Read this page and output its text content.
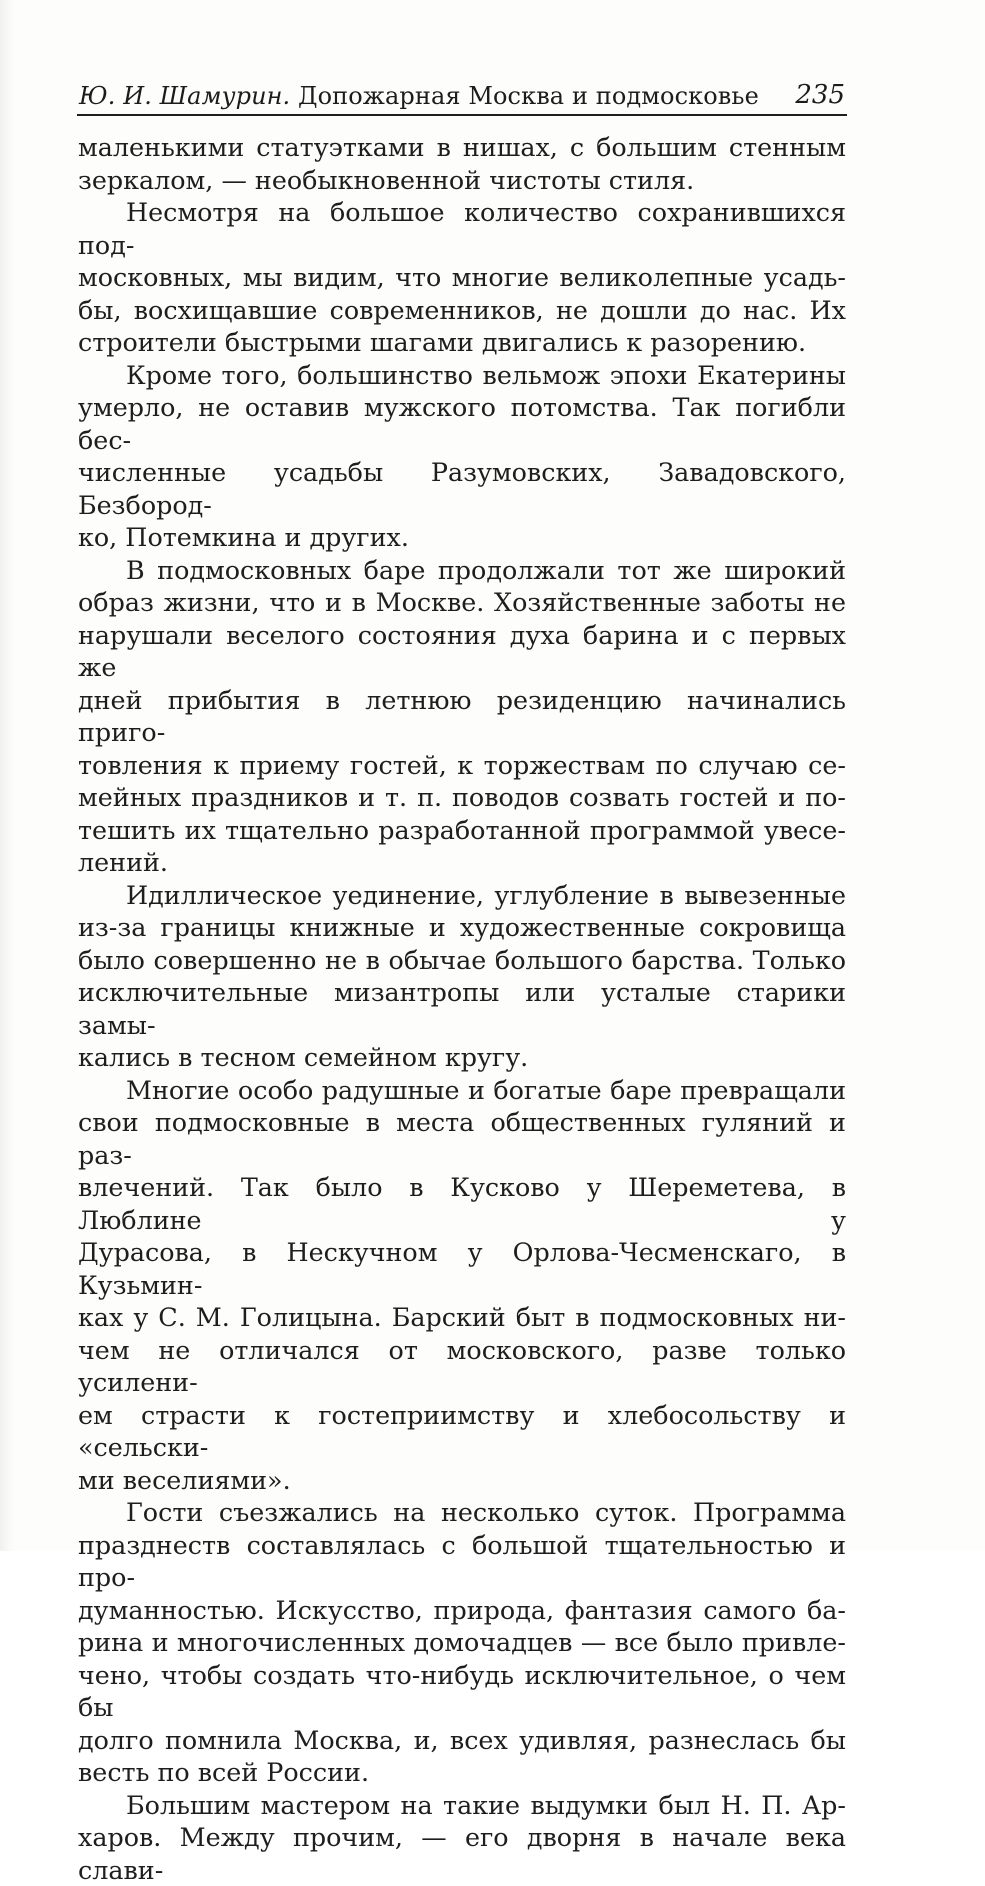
Ю. И. Шамурин. Допожарная Москва и подмосковье 235

маленькими статуэтками в нишах, с большим стенным

зеркалом, — необыкновенной чистоты стиля.

Несмотря на большое количество сохранившихся под-

московных, мы видим, что многие великолепные усадь-

бы, восхищавшие современников, не дошли до нас. Их

строители быстрыми шагами двигались к разорению.

Кроме того, большинство вельмож эпохи Екатерины

умерло, не оставив мужского потомства. Так погибли бес-

численные усадьбы Разумовских, Завадовского, Безбород-

ко, Потемкина и других.

В подмосковных баре продолжали тот же широкий

образ жизни, что и в Москве. Хозяйственные заботы не

нарушали веселого состояния духа барина и с первых же

дней прибытия в летнюю резиденцию начинались приго-

товления к приему гостей, к торжествам по случаю се-

мейных праздников и т. п. поводов созвать гостей и по-

тешить их тщательно разработанной программой увесе-

лений.

Идиллическое уединение, углубление в вывезенные

из-за границы книжные и художественные сокровища

было совершенно не в обычае большого барства. Только

исключительные мизантропы или усталые старики замы-

кались в тесном семейном кругу.

Многие особо радушные и богатые баре превращали

свои подмосковные в места общественных гуляний и раз-

влечений. Так было в Кусково у Шереметева, в Люблине у

Дурасова, в Нескучном у Орлова-Чесменскаго, в Кузьмин-

ках у С. М. Голицына. Барский быт в подмосковных ни-

чем не отличался от московского, разве только усилени-

ем страсти к гостеприимству и хлебосольству и «сельски-

ми веселиями».

Гости съезжались на несколько суток. Программа

празднеств составлялась с большой тщательностью и про-

думанностью. Искусство, природа, фантазия самого ба-

рина и многочисленных домочадцев — все было привле-

чено, чтобы создать что-нибудь исключительное, о чем бы

долго помнила Москва, и, всех удивляя, разнеслась бы

весть по всей России.

Большим мастером на такие выдумки был Н. П. Ар-

харов. Между прочим, — его дворня в начале века слави-
